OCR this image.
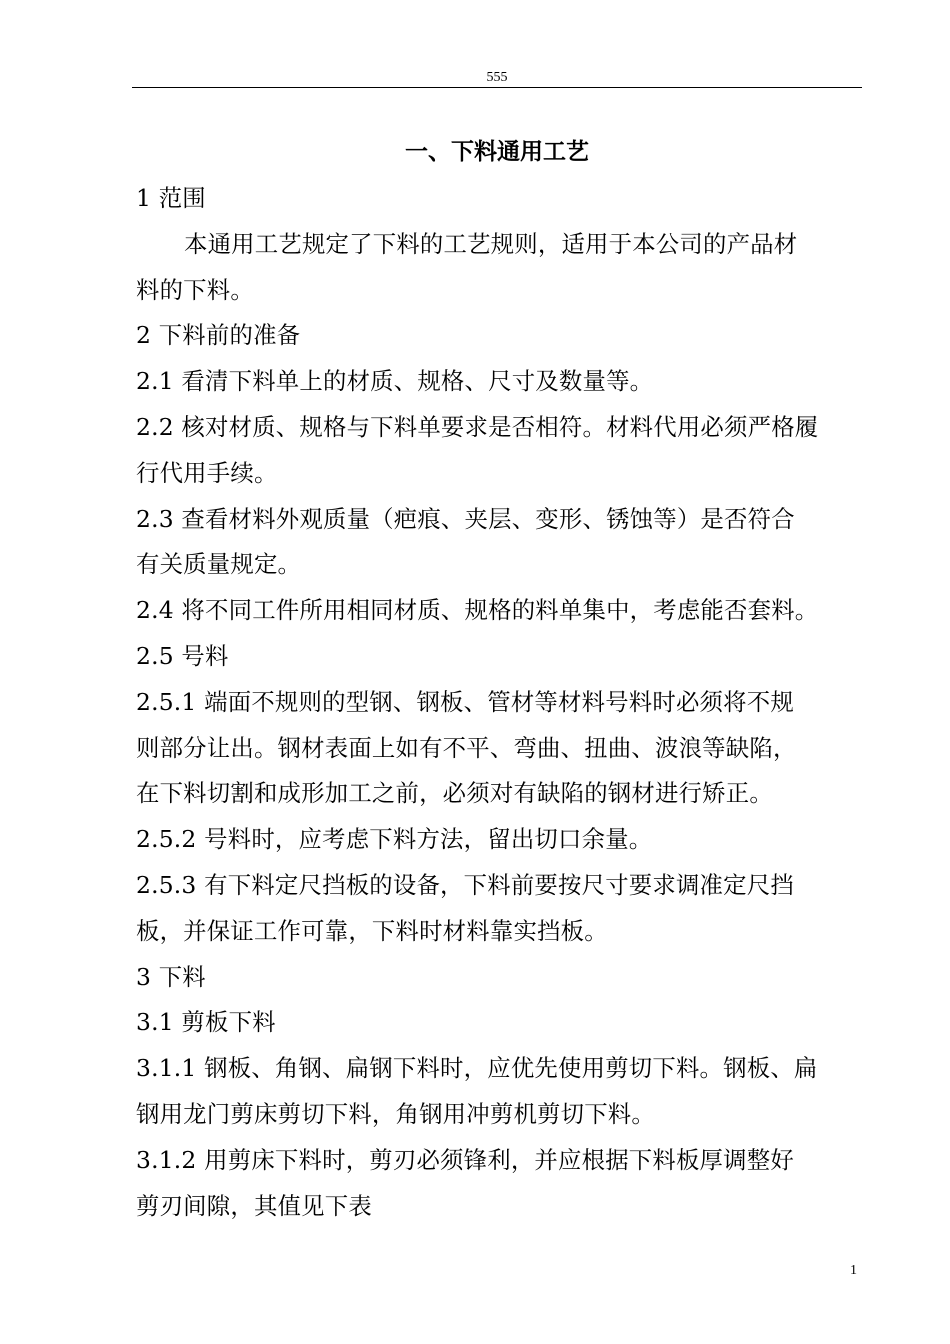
555
一、下料通用工艺
1 范围
本通用工艺规定了下料的工艺规则，适用于本公司的产品材
料的下料。
2 下料前的准备
2.1 看清下料单上的材质、规格、尺寸及数量等。
2.2 核对材质、规格与下料单要求是否相符。材料代用必须严格履
行代用手续。
2.3 查看材料外观质量（疤痕、夹层、变形、锈蚀等）是否符合
有关质量规定。
2.4 将不同工件所用相同材质、规格的料单集中，考虑能否套料。
2.5 号料
2.5.1 端面不规则的型钢、钢板、管材等材料号料时必须将不规
则部分让出。钢材表面上如有不平、弯曲、扭曲、波浪等缺陷，
在下料切割和成形加工之前，必须对有缺陷的钢材进行矫正。
2.5.2 号料时，应考虑下料方法，留出切口余量。
2.5.3 有下料定尺挡板的设备，下料前要按尺寸要求调准定尺挡
板，并保证工作可靠，下料时材料靠实挡板。
3 下料
3.1 剪板下料
3.1.1 钢板、角钢、扁钢下料时，应优先使用剪切下料。钢板、扁
钢用龙门剪床剪切下料，角钢用冲剪机剪切下料。
3.1.2 用剪床下料时，剪刃必须锋利，并应根据下料板厚调整好
剪刃间隙，其值见下表
1
